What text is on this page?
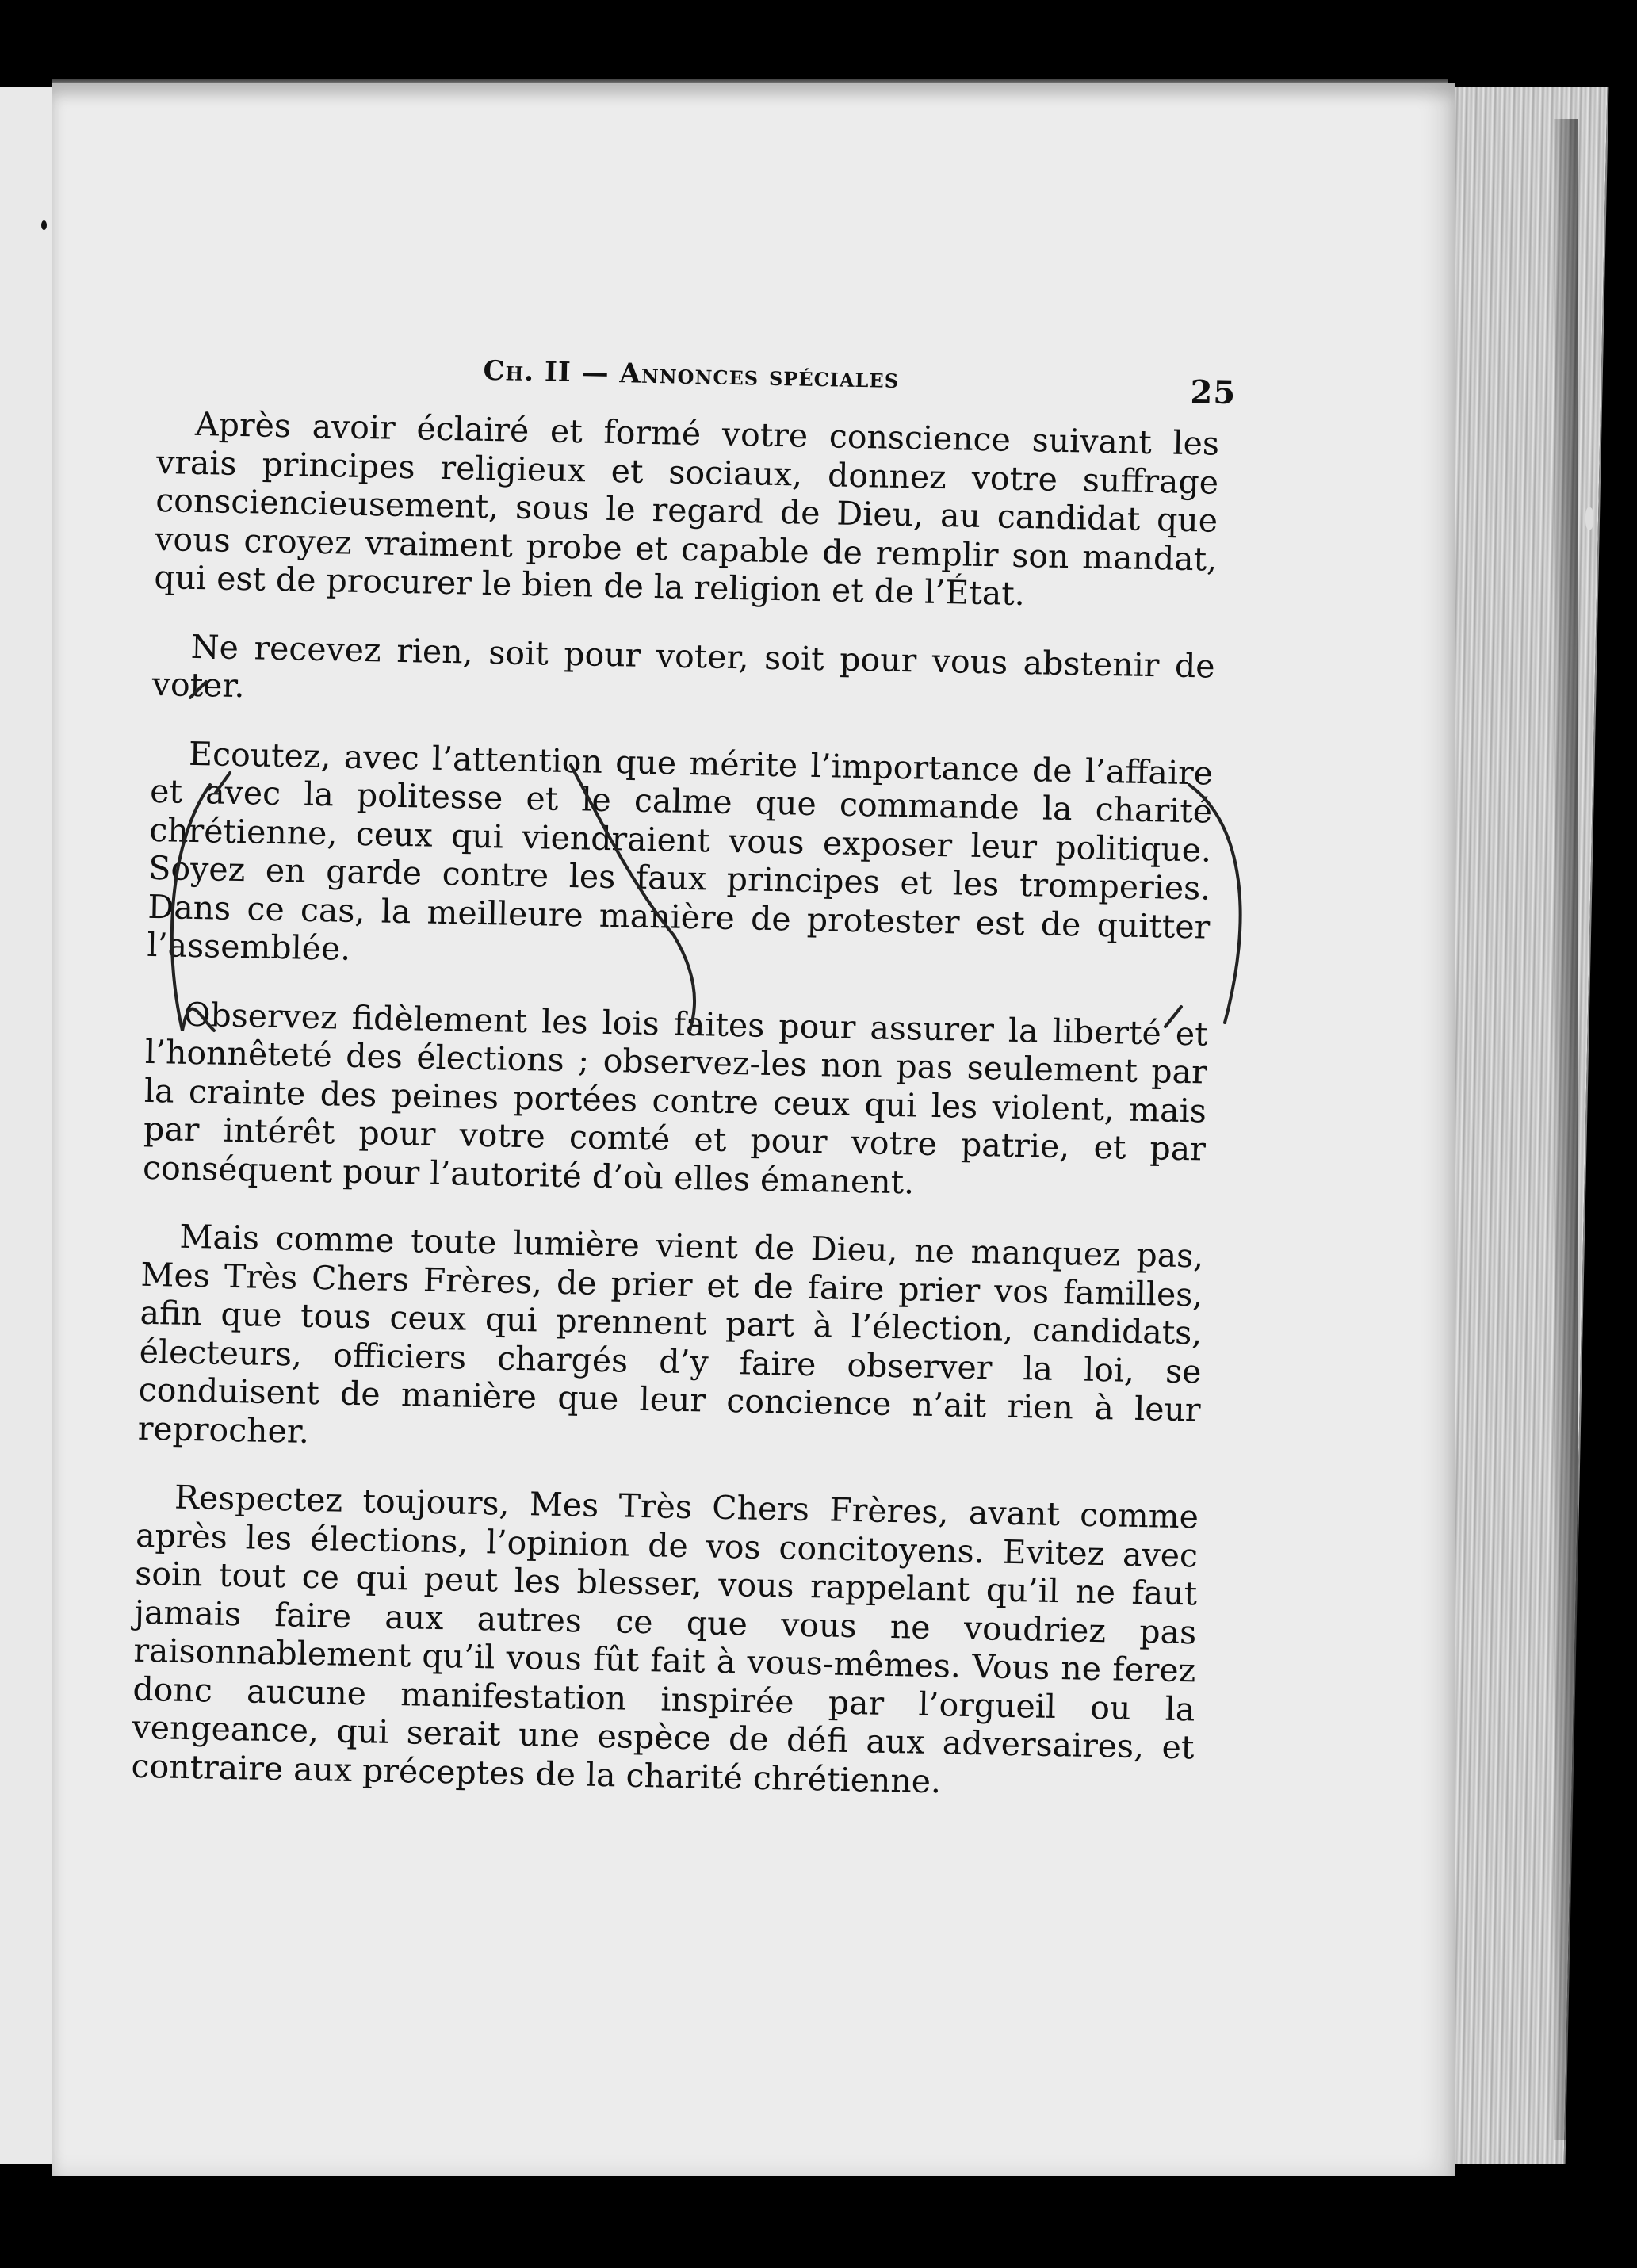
Ch. II — Annonces spéciales	25

Après avoir éclairé et formé votre conscience suivant les vrais principes religieux et sociaux, donnez votre suffrage consciencieusement, sous le regard de Dieu, au candidat que vous croyez vraiment probe et capable de remplir son mandat, qui est de procurer le bien de la religion et de l’État.

Ne recevez rien, soit pour voter, soit pour vous abstenir de voter.

Ecoutez, avec l’attention que mérite l’importance de l’affaire et avec la politesse et le calme que commande la charité chrétienne, ceux qui viendraient vous exposer leur politique. Soyez en garde contre les faux principes et les tromperies. Dans ce cas, la meilleure manière de protester est de quitter l’assemblée.

Observez fidèlement les lois faites pour assurer la liberté et l’honnêteté des élections ; observez-les non pas seulement par la crainte des peines portées contre ceux qui les violent, mais par intérêt pour votre comté et pour votre patrie, et par conséquent pour l’autorité d’où elles émanent.

Mais comme toute lumière vient de Dieu, ne manquez pas, Mes Très Chers Frères, de prier et de faire prier vos familles, afin que tous ceux qui prennent part à l’élection, candidats, électeurs, officiers chargés d’y faire observer la loi, se conduisent de manière que leur concience n’ait rien à leur reprocher.

Respectez toujours, Mes Très Chers Frères, avant comme après les élections, l’opinion de vos concitoyens. Evitez avec soin tout ce qui peut les blesser, vous rappelant qu’il ne faut jamais faire aux autres ce que vous ne voudriez pas raisonnablement qu’il vous fût fait à vous-mêmes. Vous ne ferez donc aucune manifestation inspirée par l’orgueil ou la vengeance, qui serait une espèce de défi aux adversaires, et contraire aux préceptes de la charité chrétienne.
